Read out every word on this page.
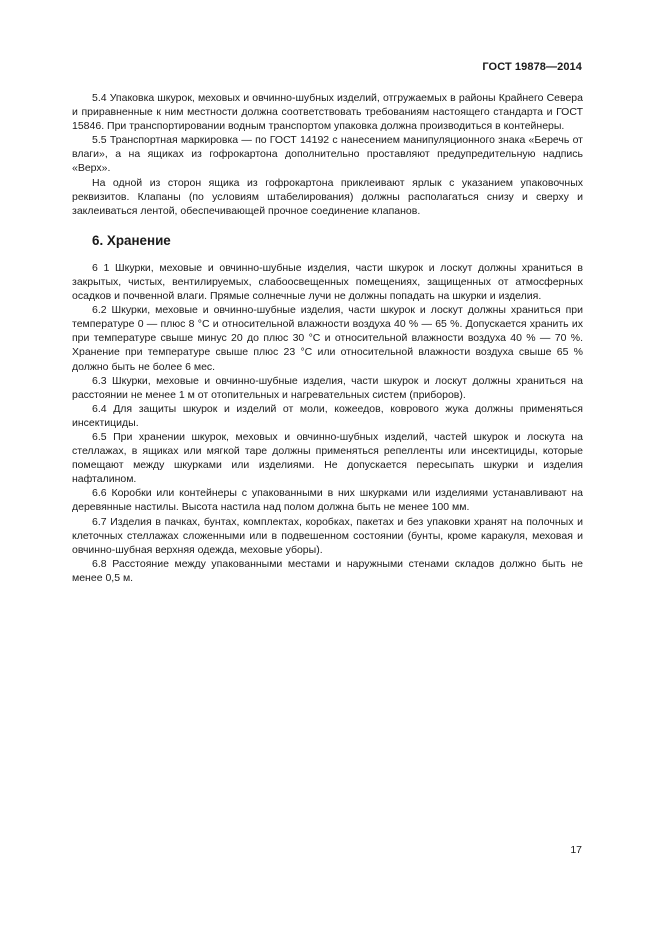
ГОСТ 19878—2014

5.4 Упаковка шкурок, меховых и овчинно-шубных изделий, отгружаемых в районы Крайнего Севера и приравненные к ним местности должна соответствовать требованиям настоящего стандарта и ГОСТ 15846. При транспортировании водным транспортом упаковка должна производиться в контейнеры.

5.5 Транспортная маркировка — по ГОСТ 14192 с нанесением манипуляционного знака «Беречь от влаги», а на ящиках из гофрокартона дополнительно проставляют предупредительную надпись «Верх».

На одной из сторон ящика из гофрокартона приклеивают ярлык с указанием упаковочных реквизитов. Клапаны (по условиям штабелирования) должны располагаться снизу и сверху и заклеиваться лентой, обеспечивающей прочное соединение клапанов.

6. Хранение

6 1 Шкурки, меховые и овчинно-шубные изделия, части шкурок и лоскут должны храниться в закрытых, чистых, вентилируемых, слабоосвещенных помещениях, защищенных от атмосферных осадков и почвенной влаги. Прямые солнечные лучи не должны попадать на шкурки и изделия.

6.2 Шкурки, меховые и овчинно-шубные изделия, части шкурок и лоскут должны храниться при температуре 0 — плюс 8 °С и относительной влажности воздуха 40 % — 65 %. Допускается хранить их при температуре свыше минус 20 до плюс 30 °С и относительной влажности воздуха 40 % — 70 %. Хранение при температуре свыше плюс 23 °С или относительной влажности воздуха свыше 65 % должно быть не более 6 мес.

6.3 Шкурки, меховые и овчинно-шубные изделия, части шкурок и лоскут должны храниться на расстоянии не менее 1 м от отопительных и нагревательных систем (приборов).

6.4 Для защиты шкурок и изделий от моли, кожеедов, коврового жука должны применяться инсектициды.

6.5 При хранении шкурок, меховых и овчинно-шубных изделий, частей шкурок и лоскута на стеллажах, в ящиках или мягкой таре должны применяться репелленты или инсектициды, которые помещают между шкурками или изделиями. Не допускается пересыпать шкурки и изделия нафталином.

6.6 Коробки или контейнеры с упакованными в них шкурками или изделиями устанавливают на деревянные настилы. Высота настила над полом должна быть не менее 100 мм.

6.7 Изделия в пачках, бунтах, комплектах, коробках, пакетах и без упаковки хранят на полочных и клеточных стеллажах сложенными или в подвешенном состоянии (бунты, кроме каракуля, меховая и овчинно-шубная верхняя одежда, меховые уборы).

6.8 Расстояние между упакованными местами и наружными стенами складов должно быть не менее 0,5 м.

17
